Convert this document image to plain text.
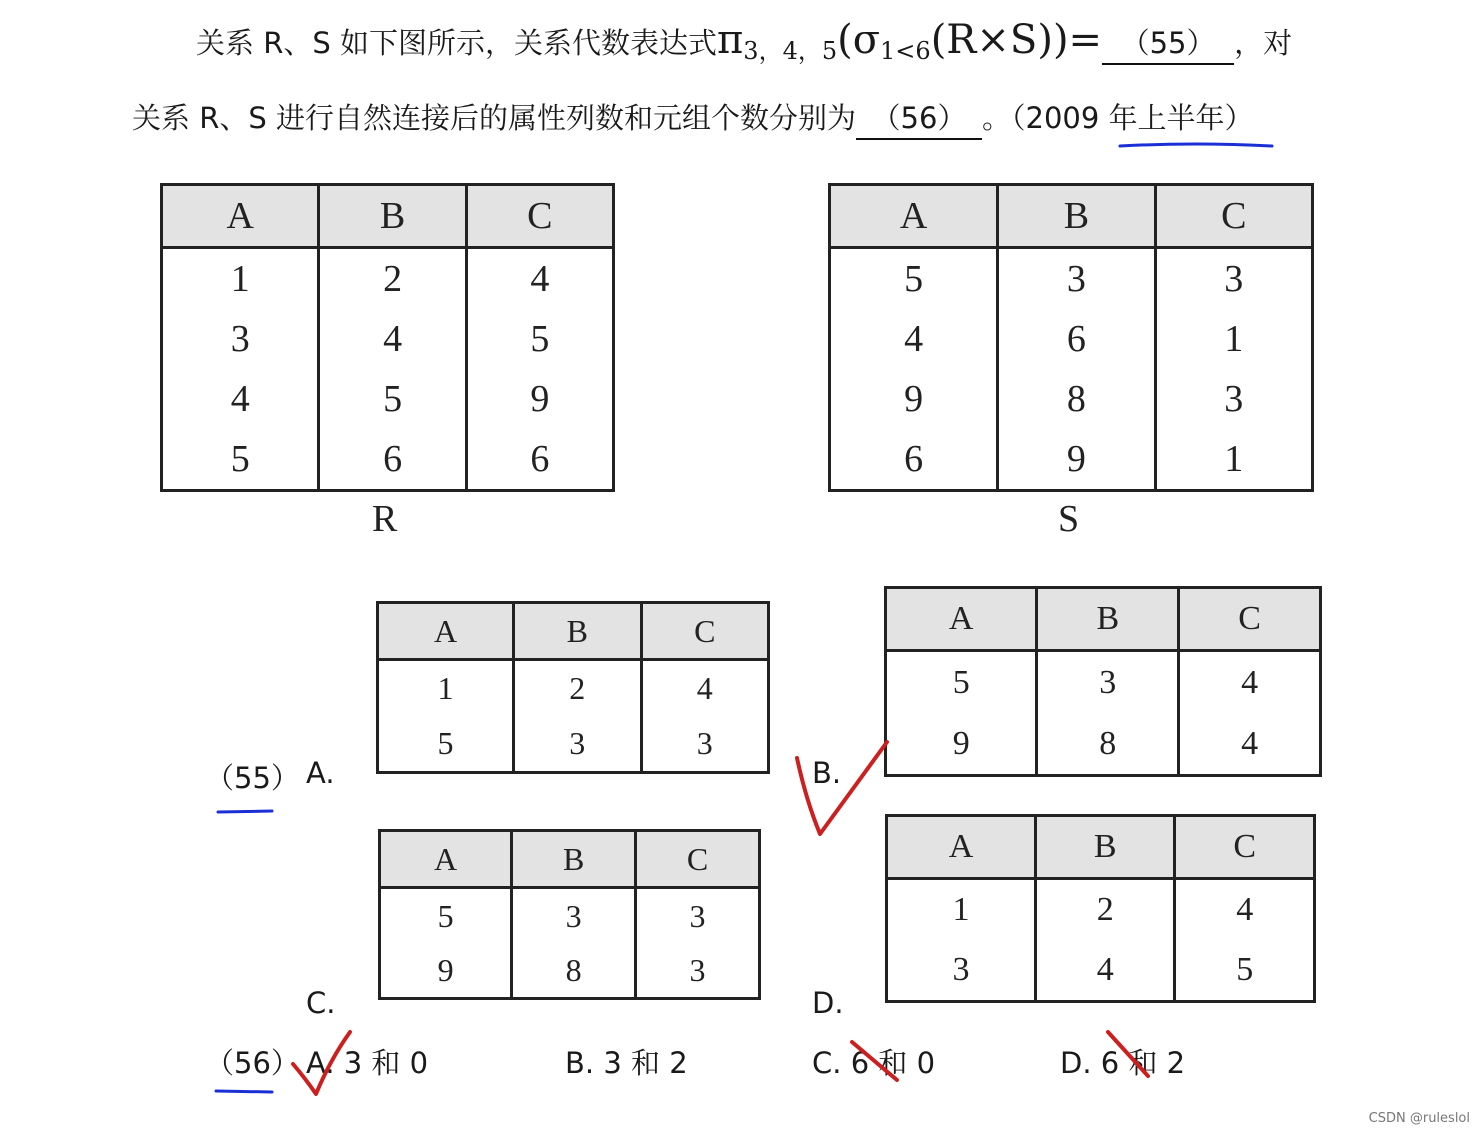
关系 R、S 如下图所示，关系代数表达式$\pi_{3,4,5}(\sigma_{1<6}(R\times S))= (55)$ ，对
关系 R、S 进行自然连接后的属性列数和元组个数分别为 （56） 。（2009 年上半年）
A	B	C
1	2	4
3	4	5
4	5	9
5	6	6
R
A	B	C
5	3	3
4	6	1
9	8	3
6	9	1
S
A	B	C
1	2	4
5	3	3
A	B	C
5	3	4
9	8	4
A	B	C
5	3	3
9	8	3
A	B	C
1	2	4
3	4	5
（55） A.	B.
C.	D.
（56） A. 3 和 0	B. 3 和 2	C. 6 和 0	D. 6 和 2
CSDN @ruleslol
